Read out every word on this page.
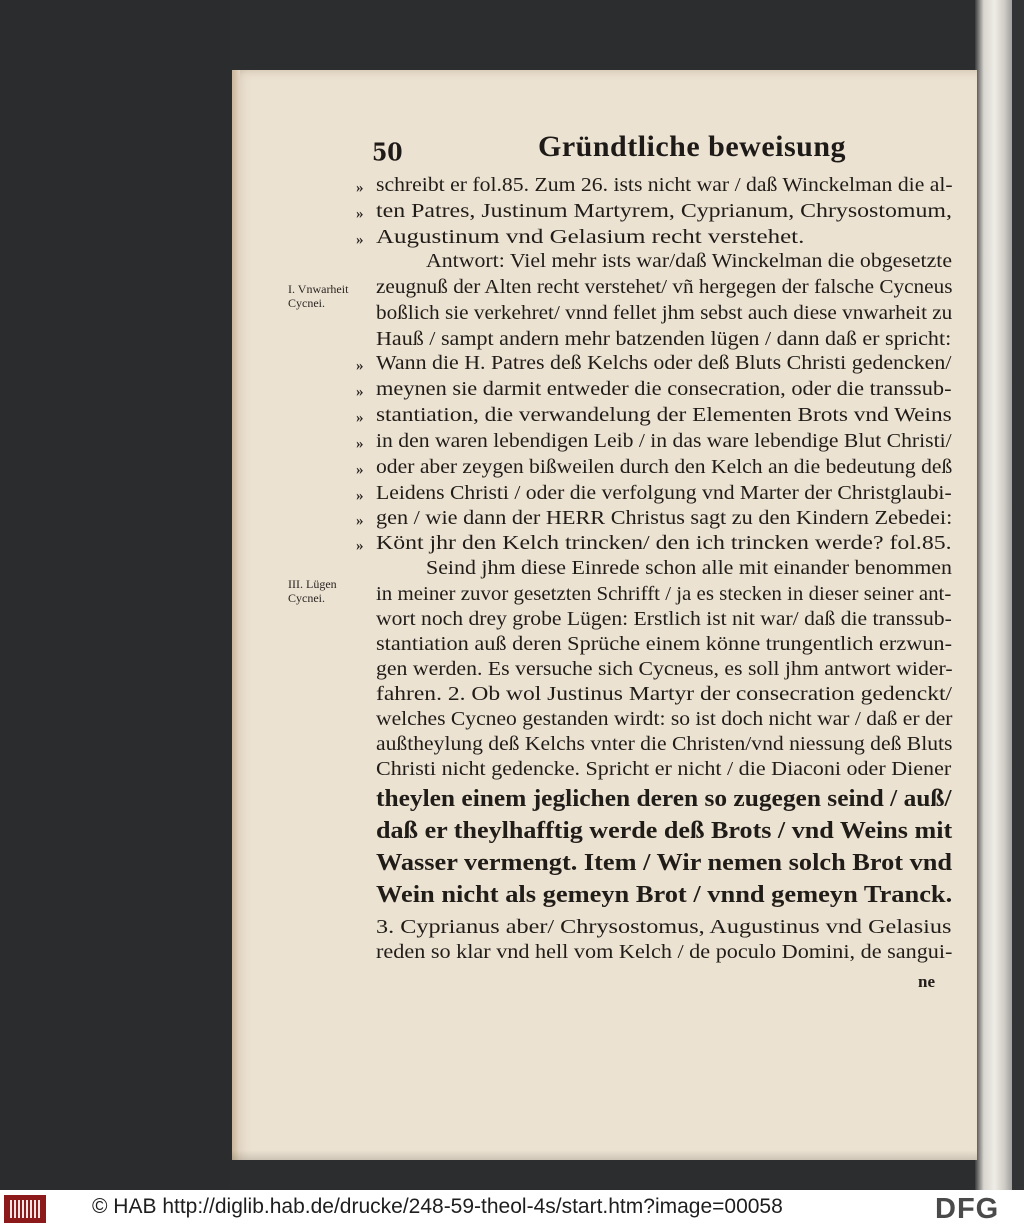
50	Gründtliche beweisung
I. Vnwarheit
Cycnei.
III. Lügen
Cycnei.
»
»
»
»
»
»
»
»
»
»
»
schreibt er fol.85. Zum 26. ists nicht war / daß Winckelman die al-
ten Patres, Justinum Martyrem, Cyprianum, Chrysostomum,
Augustinum vnd Gelasium recht verstehet.
Antwort: Viel mehr ists war/daß Winckelman die obgesetzte
zeugnuß der Alten recht verstehet/ vñ hergegen der falsche Cycneus
boßlich sie verkehret/ vnnd fellet jhm sebst auch diese vnwarheit zu
Hauß / sampt andern mehr batzenden lügen / dann daß er spricht:
Wann die H. Patres deß Kelchs oder deß Bluts Christi gedencken/
meynen sie darmit entweder die consecration, oder die transsub-
stantiation, die verwandelung der Elementen Brots vnd Weins
in den waren lebendigen Leib / in das ware lebendige Blut Christi/
oder aber zeygen bißweilen durch den Kelch an die bedeutung deß
Leidens Christi / oder die verfolgung vnd Marter der Christglaubi-
gen / wie dann der HERR Christus sagt zu den Kindern Zebedei:
Könt jhr den Kelch trincken/ den ich trincken werde? fol.85.
Seind jhm diese Einrede schon alle mit einander benommen
in meiner zuvor gesetzten Schrifft / ja es stecken in dieser seiner ant-
wort noch drey grobe Lügen: Erstlich ist nit war/ daß die transsub-
stantiation auß deren Sprüche einem könne trungentlich erzwun-
gen werden. Es versuche sich Cycneus, es soll jhm antwort wider-
fahren. 2. Ob wol Justinus Martyr der consecration gedenckt/
welches Cycneo gestanden wirdt: so ist doch nicht war / daß er der
außtheylung deß Kelchs vnter die Christen/vnd niessung deß Bluts
Christi nicht gedencke. Spricht er nicht / die Diaconi oder Diener
theylen einem jeglichen deren so zugegen seind / auß/
daß er theylhafftig werde deß Brots / vnd Weins mit
Wasser vermengt. Item / Wir nemen solch Brot vnd
Wein nicht als gemeyn Brot / vnnd gemeyn Tranck.
3. Cyprianus aber/ Chrysostomus, Augustinus vnd Gelasius
reden so klar vnd hell vom Kelch / de poculo Domini, de sangui-
ne
© HAB http://diglib.hab.de/drucke/248-59-theol-4s/start.htm?image=00058	DFG
